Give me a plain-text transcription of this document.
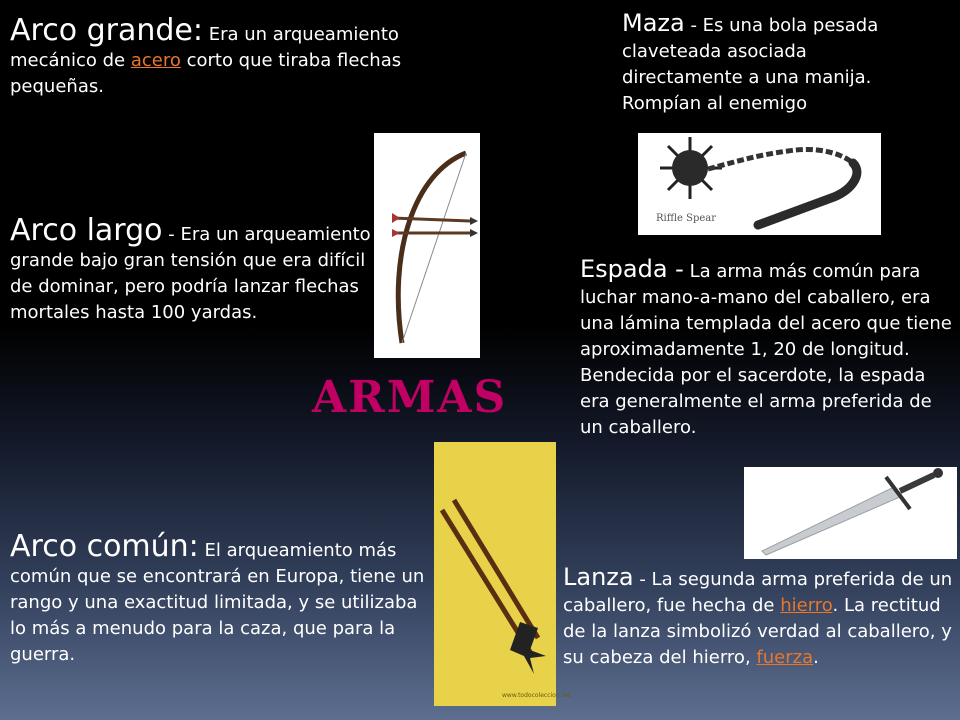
Arco grande: Era un arqueamiento mecánico de acero corto que tiraba flechas pequeñas.
Maza - Es una bola pesada claveteada asociada directamente a una manija. Rompían al enemigo
Arco largo - Era un arqueamiento grande bajo gran tensión que era difícil de dominar, pero podría lanzar flechas mortales hasta 100 yardas.
Espada - La arma más común para luchar mano-a-mano del caballero, era una lámina templada del acero que tiene aproximadamente 1, 20 de longitud. Bendecida por el sacerdote, la espada era generalmente el arma preferida de un caballero.
Arco común: El arqueamiento más común que se encontrará en Europa, tiene un rango y una exactitud limitada, y se utilizaba lo más a menudo para la caza, que para la guerra.
Lanza - La segunda arma preferida de un caballero, fue hecha de hierro. La rectitud de la lanza simbolizó verdad al caballero, y su cabeza del hierro, fuerza.
ARMAS
Riffle Spear
www.todocoleccion.net
